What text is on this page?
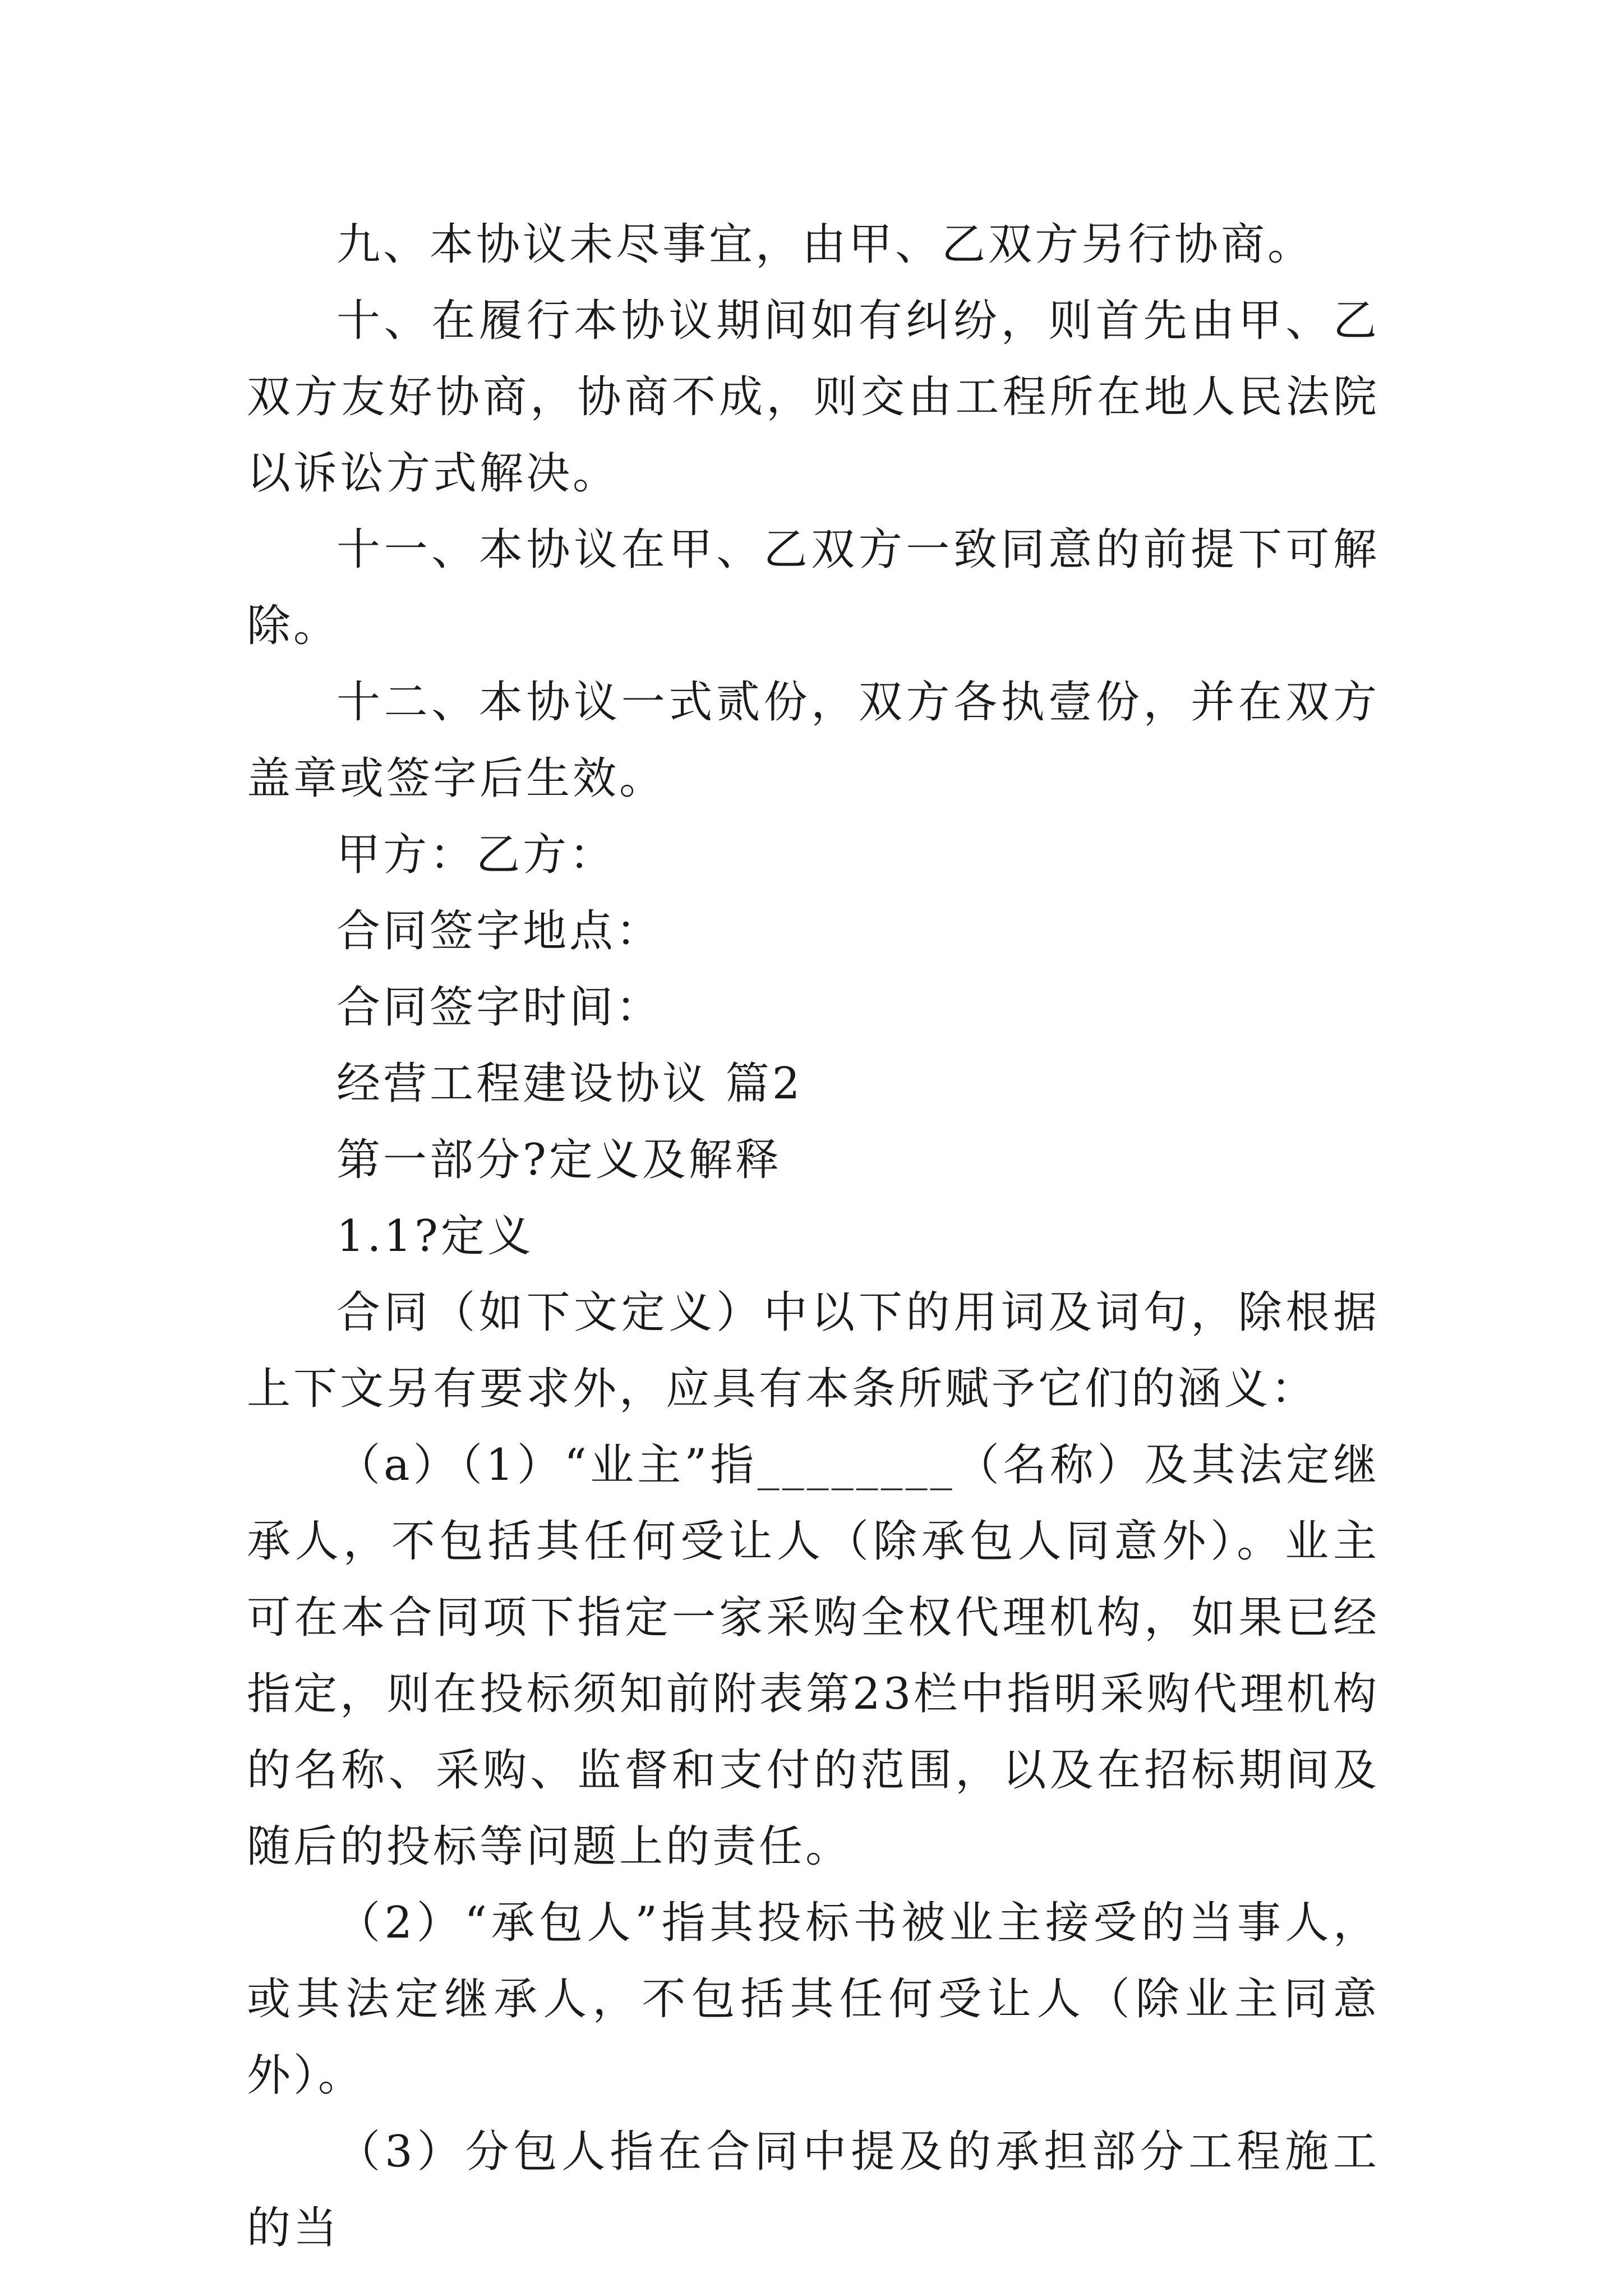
九、本协议未尽事宜，由甲、乙双方另行协商。

十、在履行本协议期间如有纠纷，则首先由甲、乙双方友好协商，协商不成，则交由工程所在地人民法院以诉讼方式解决。

十一、本协议在甲、乙双方一致同意的前提下可解除。

十二、本协议一式贰份，双方各执壹份，并在双方盖章或签字后生效。

甲方：乙方：

合同签字地点：

合同签字时间：

经营工程建设协议 篇2

第一部分?定义及解释

1.1?定义

合同（如下文定义）中以下的用词及词句，除根据上下文另有要求外，应具有本条所赋予它们的涵义：

（a）（1）“业主”指________（名称）及其法定继承人，不包括其任何受让人（除承包人同意外）。业主可在本合同项下指定一家采购全权代理机构，如果已经指定，则在投标须知前附表第23栏中指明采购代理机构的名称、采购、监督和支付的范围，以及在招标期间及随后的投标等问题上的责任。

（2）“承包人”指其投标书被业主接受的当事人，或其法定继承人，不包括其任何受让人（除业主同意外）。

（3）分包人指在合同中提及的承担部分工程施工的当
